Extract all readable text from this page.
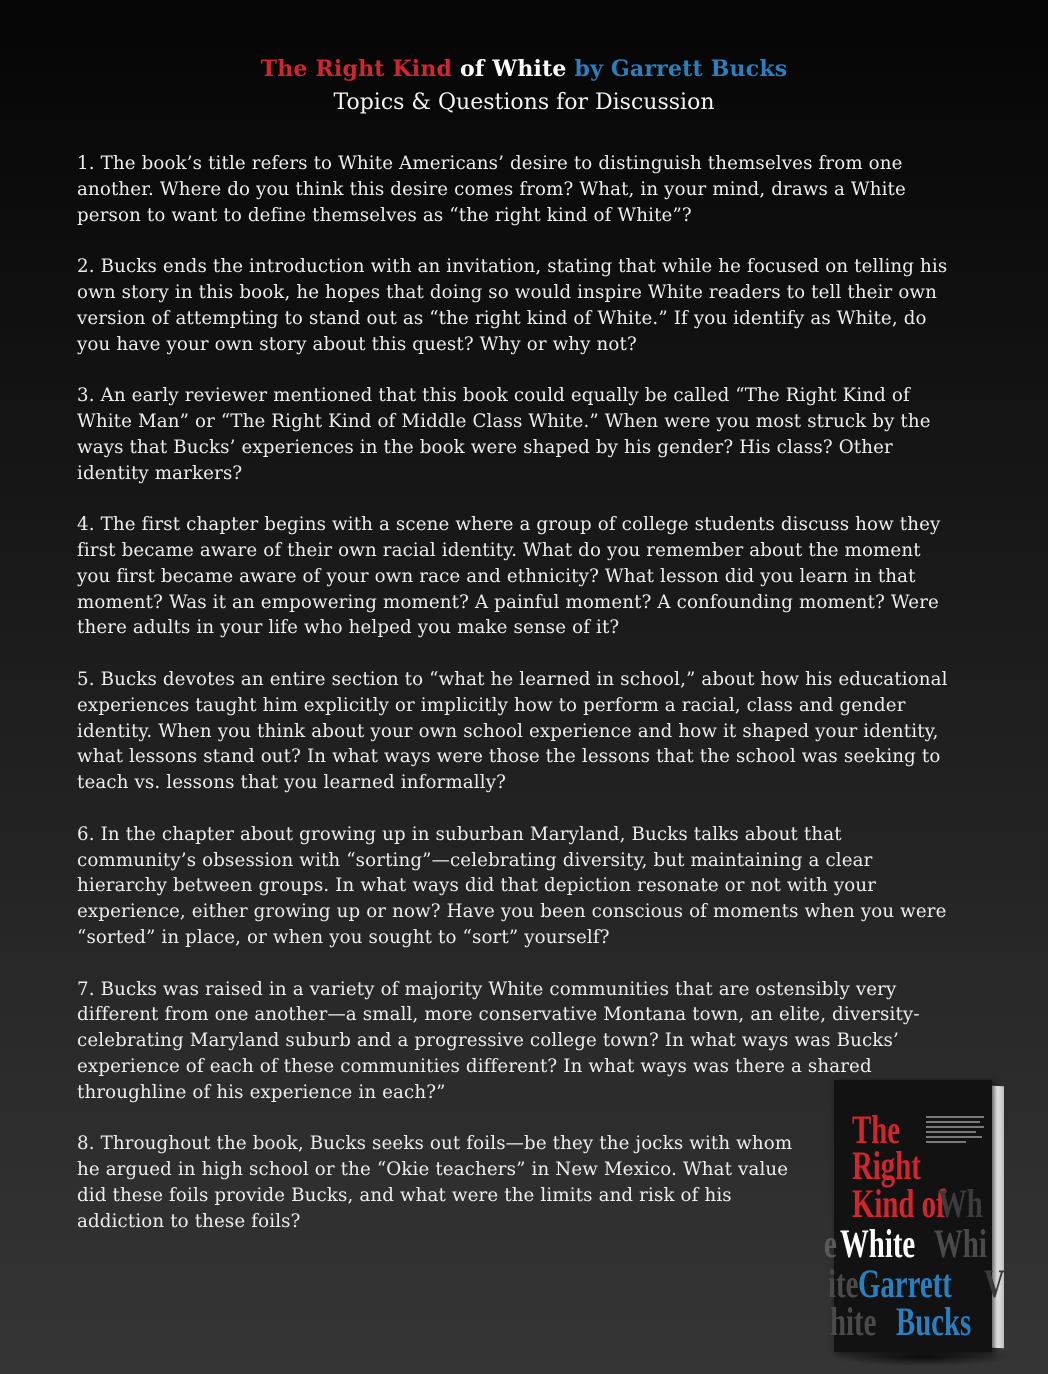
The Right Kind of White by Garrett Bucks
Topics & Questions for Discussion

1. The book’s title refers to White Americans’ desire to distinguish themselves from one another. Where do you think this desire comes from? What, in your mind, draws a White person to want to define themselves as “the right kind of White”?

2. Bucks ends the introduction with an invitation, stating that while he focused on telling his own story in this book, he hopes that doing so would inspire White readers to tell their own version of attempting to stand out as “the right kind of White.” If you identify as White, do you have your own story about this quest? Why or why not?

3. An early reviewer mentioned that this book could equally be called “The Right Kind of White Man” or “The Right Kind of Middle Class White.” When were you most struck by the ways that Bucks’ experiences in the book were shaped by his gender? His class? Other identity markers?

4. The first chapter begins with a scene where a group of college students discuss how they first became aware of their own racial identity. What do you remember about the moment you first became aware of your own race and ethnicity? What lesson did you learn in that moment? Was it an empowering moment? A painful moment? A confounding moment? Were there adults in your life who helped you make sense of it?

5. Bucks devotes an entire section to “what he learned in school,” about how his educational experiences taught him explicitly or implicitly how to perform a racial, class and gender identity. When you think about your own school experience and how it shaped your identity, what lessons stand out? In what ways were those the lessons that the school was seeking to teach vs. lessons that you learned informally?

6. In the chapter about growing up in suburban Maryland, Bucks talks about that community’s obsession with “sorting”—celebrating diversity, but maintaining a clear hierarchy between groups. In what ways did that depiction resonate or not with your experience, either growing up or now? Have you been conscious of moments when you were “sorted” in place, or when you sought to “sort” yourself?

7. Bucks was raised in a variety of majority White communities that are ostensibly very different from one another—a small, more conservative Montana town, an elite, diversity-celebrating Maryland suburb and a progressive college town? In what ways was Bucks’ experience of each of these communities different? In what ways was there a shared throughline of his experience in each?”

8. Throughout the book, Bucks seeks out foils—be they the jocks with whom he argued in high school or the “Okie teachers” in New Mexico. What value did these foils provide Bucks, and what were the limits and risk of his addiction to these foils?

The
Right
Kind of
Wh
e White Whi
ite Garrett V
hite Bucks
